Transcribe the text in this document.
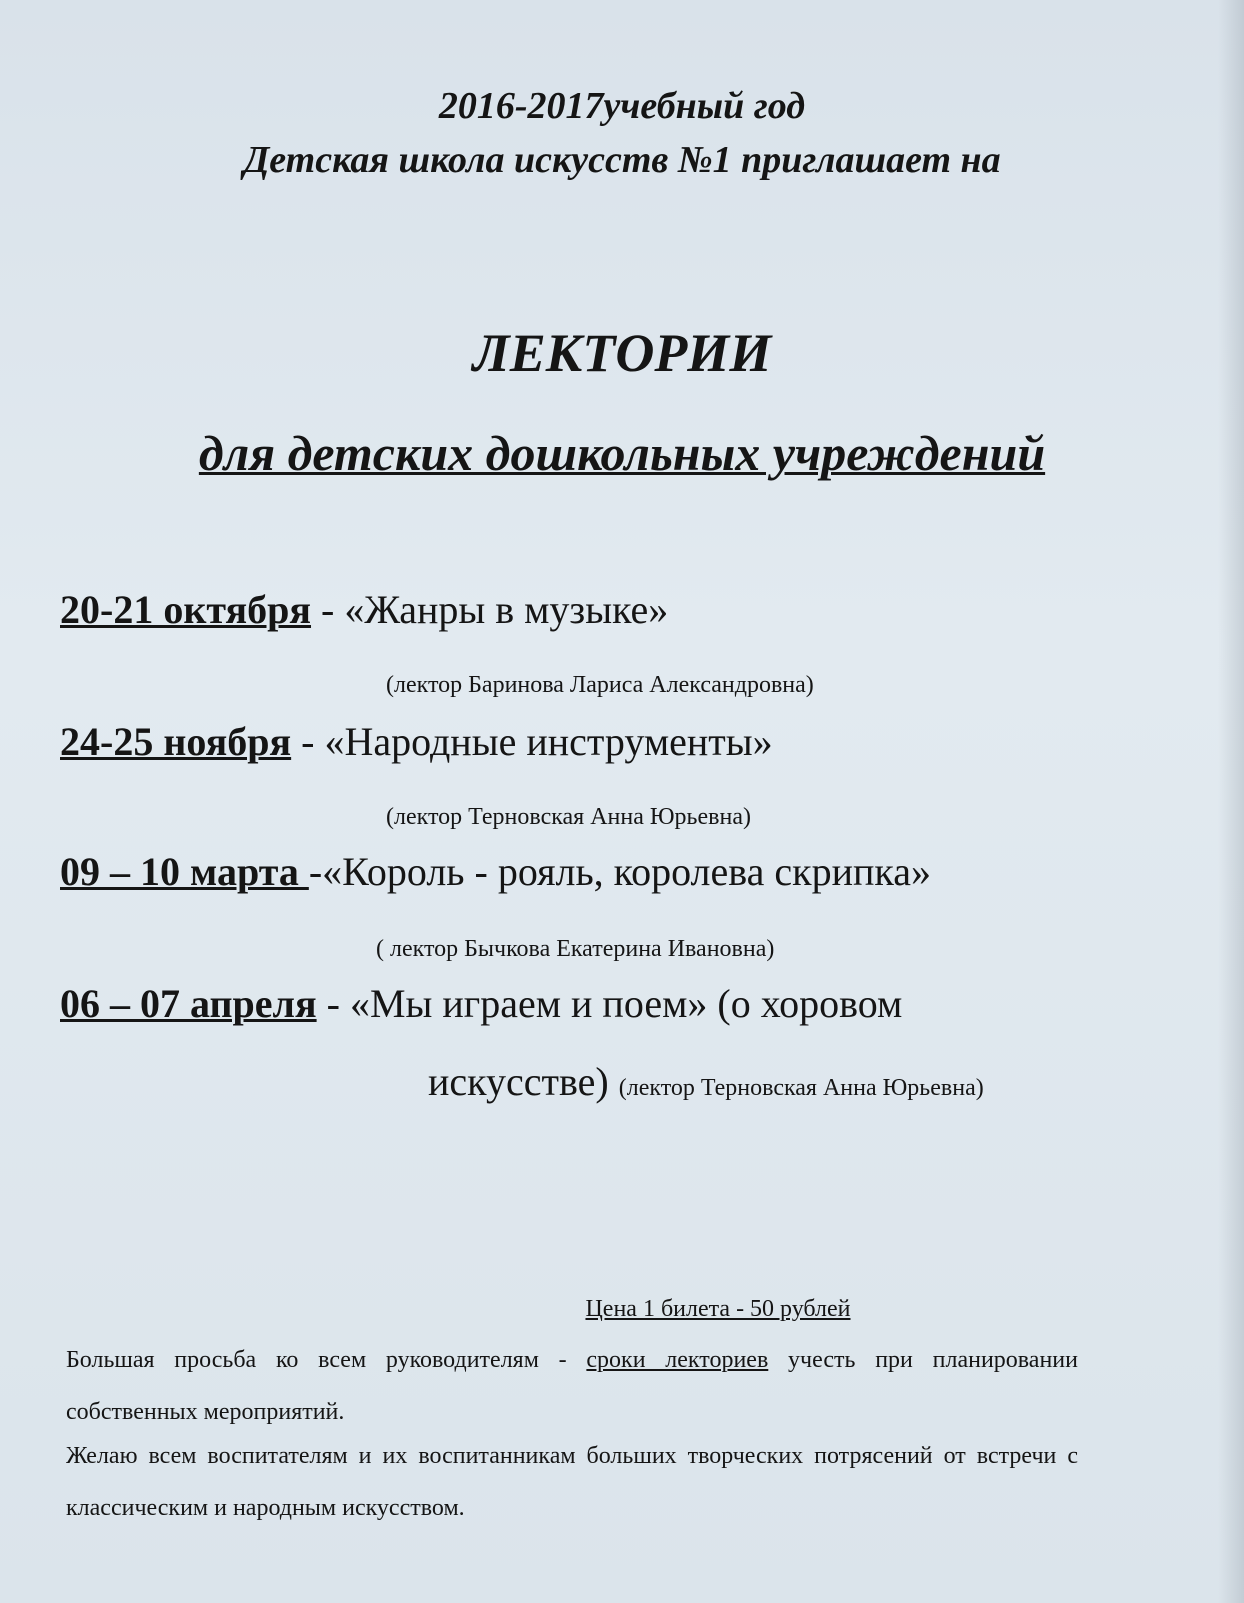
2016-2017учебный год
Детская школа искусств №1 приглашает на
ЛЕКТОРИИ
для детских дошкольных учреждений
20-21 октября - «Жанры в музыке»
(лектор Баринова Лариса Александровна)
24-25 ноября - «Народные инструменты»
(лектор Терновская Анна Юрьевна)
09 – 10 марта -«Король - рояль, королева скрипка»
( лектор Бычкова Екатерина Ивановна)
06 – 07 апреля - «Мы играем и поем» (о хоровом
искусстве) (лектор Терновская Анна Юрьевна)
Цена 1 билета - 50 рублей
Большая просьба ко всем руководителям - сроки лекториев учесть при планировании собственных мероприятий.
Желаю всем воспитателям и их воспитанникам больших творческих потрясений от встречи с классическим и народным искусством.
